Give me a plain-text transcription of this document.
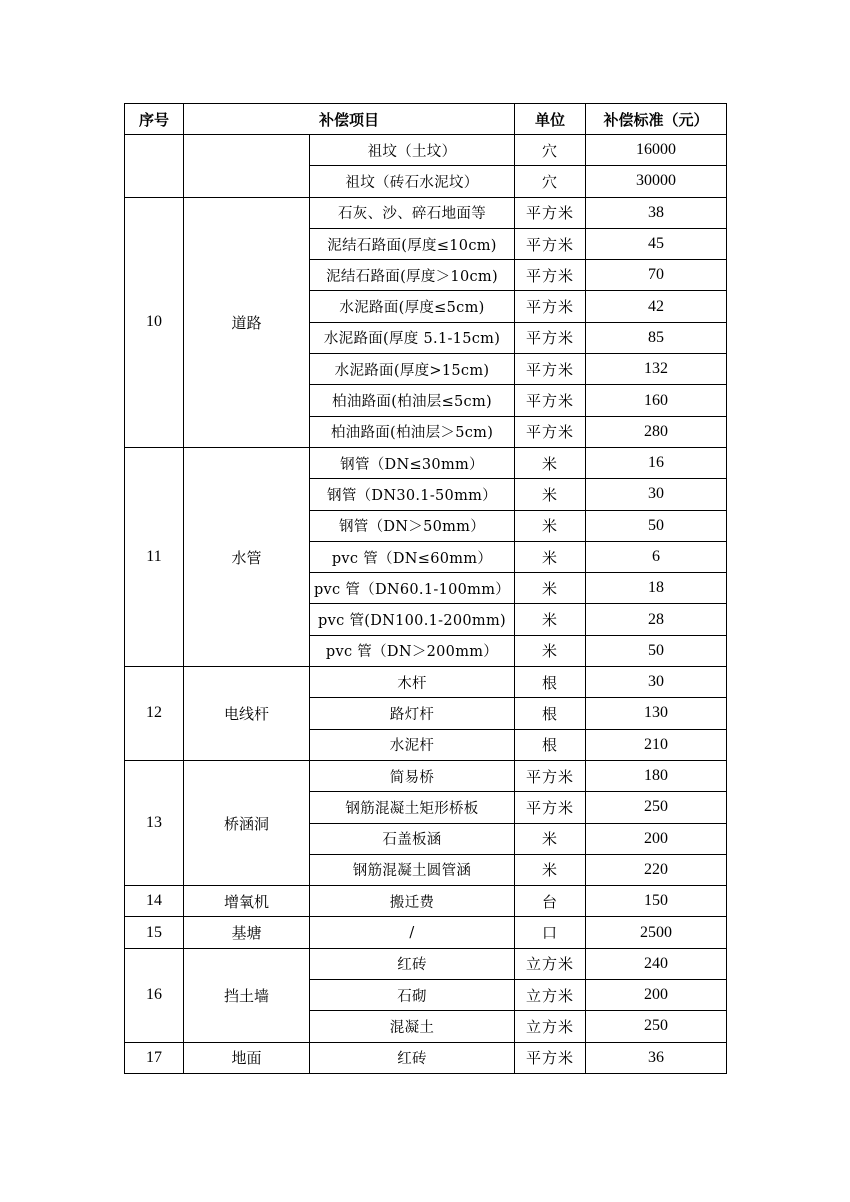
序号	补偿项目		单位	补偿标准（元）
		祖坟（土坟）	穴	16000
		祖坟（砖石水泥坟）	穴	30000
10	道路	石灰、沙、碎石地面等	平方米	38
		泥结石路面(厚度≤10cm)	平方米	45
		泥结石路面(厚度＞10cm)	平方米	70
		水泥路面(厚度≤5cm)	平方米	42
		水泥路面(厚度 5.1-15cm)	平方米	85
		水泥路面(厚度>15cm)	平方米	132
		柏油路面(柏油层≤5cm)	平方米	160
		柏油路面(柏油层＞5cm)	平方米	280
11	水管	钢管（DN≤30mm）	米	16
		钢管（DN30.1-50mm）	米	30
		钢管（DN＞50mm）	米	50
		pvc 管（DN≤60mm）	米	6
		pvc 管（DN60.1-100mm）	米	18
		pvc 管(DN100.1-200mm)	米	28
		pvc 管（DN＞200mm）	米	50
12	电线杆	木杆	根	30
		路灯杆	根	130
		水泥杆	根	210
13	桥涵洞	简易桥	平方米	180
		钢筋混凝土矩形桥板	平方米	250
		石盖板涵	米	200
		钢筋混凝土圆管涵	米	220
14	增氧机	搬迁费	台	150
15	基塘	/	口	2500
16	挡土墙	红砖	立方米	240
		石砌	立方米	200
		混凝土	立方米	250
17	地面	红砖	平方米	36
